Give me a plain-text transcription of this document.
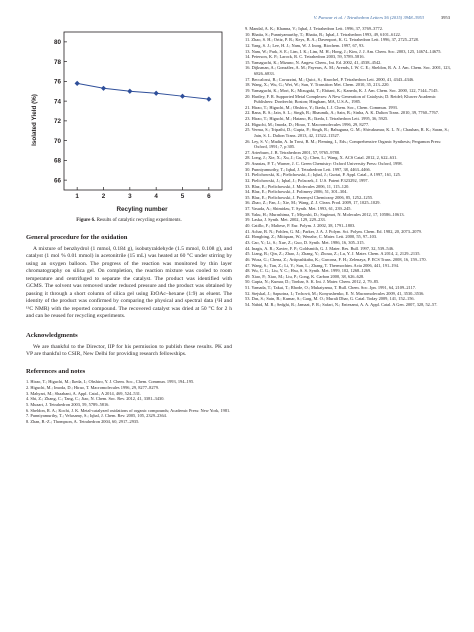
V. Panwar et al. / Tetrahedron Letters 56 (2015) 3948–3953	3953
66
68
70
72
74
76
78
80
1	2	3	4	5	6
Isolated Yield (%)
Recyling number
Figure 6. Results of catalytic recycling experiments.
General procedure for the oxidation

A mixture of benzhydrol (1 mmol, 0.184 g), isobutyraldehyde (1.5 mmol, 0.108 g), and catalyst (1 mol % 0.01 mmol) in acetonitrile (15 mL) was heated at 60 °C under stirring by using an oxygen balloon. The progress of the reaction was monitored by thin layer chromatography on silica gel. On completion, the reaction mixture was cooled to room temperature and centrifuged to separate the catalyst. The product was identified with GCMS. The solvent was removed under reduced pressure and the product was obtained by passing it through a short column of silica gel using EtOAc–hexane (1:9) as eluent. The identity of the product was confirmed by comparing the physical and spectral data (¹H and ¹³C NMR) with the reported compound. The recovered catalyst was dried at 50 °C for 2 h and can be reused for recycling experiments.

Acknowledgments

We are thankful to the Director, IIP for his permission to publish these results. PK and VP are thankful to CSIR, New Delhi for providing research fellowships.

References and notes
1. Hirao, T.; Higuchi, M.; Ikeda, I.; Ohshiro, Y. J. Chem. Soc., Chem. Commun. 1993, 194–195.
2. Higuchi, M.; Imoda, D.; Hirao, T. Macromolecules 1996, 29, 8277–8279.
3. Mahyari, M.; Shaabani, A. Appl. Catal., A 2014, 469, 524–531.
4. Shi, Z.; Zhang, C.; Tang, C.; Jiao, N. Chem. Soc. Rev. 2012, 41, 3381–3430.
5. Muzart, J. Tetrahedron 2003, 59, 5789–5816.
6. Sheldon, R. A.; Kochi, J. K. Metal-catalyzed oxidations of organic compounds; Academic Press: New York, 1981.
7. Punniyamurthy, T.; Velusamy, S.; Iqbal, J. Chem. Rev. 2005, 105, 2329–2364.
8. Zhan, B.-Z.; Thompson, A. Tetrahedron 2004, 60, 2917–2935.
9. Mandal, A. K.; Khanna, V.; Iqbal, J. Tetrahedron Lett. 1996, 37, 3769–3772.
10. Bhatia, S.; Punniyamurthy, T.; Bhatia, B.; Iqbal, J. Tetrahedron 1993, 49, 6101–6122.
11. Zhao, S. H.; Ortiz, P. R.; Keys, B. A.; Davenport, K. G. Tetrahedron Lett. 1996, 37, 2725–2728.
12. Yang, S. J.; Lee, H. J.; Nam, W. J. Inorg. Biochem. 1997, 67, 93.
13. Nam, W.; Park, S. E.; Lim, I. K.; Lim, M. H.; Hong, J.; Kim, J. J. Am. Chem. Soc. 2003, 125, 14674–14675.
14. Peterson, K. P.; Larock, R. C. Tetrahedron 2003, 59, 5789–5816.
15. Yamaguchi, K.; Mizuno, N. Angew. Chem., Int. Ed. 2002, 41, 4538–4542.
16. Dijksman, A.; González, A. M.; Payeras, A. M.; Arends, I. W. C. E.; Sheldon, R. A. J. Am. Chem. Soc. 2001, 123, 6826–6833.
17. Beccalossi, B.; Cavazzini, M.; Quici, S.; Knochel, P. Tetrahedron Lett. 2000, 41, 4343–4346.
18. Wang, X.; Wu, G.; Wei, W.; Sun, Y. Transition Met. Chem. 2010, 35, 213–220.
19. Yamaguchi, K.; Mori, K.; Mizugaki, T.; Ebitani, K.; Kaneda, K. J. Am. Chem. Soc. 2000, 122, 7144–7145.
20. Hartley, F. R. Supported Metal Complexes: A New Generation of Catalysts; D. Reidel; Kluwer Academic Publishers: Dordrecht; Boston; Hingham, MA, U.S.A., 1985.
21. Hirao, T.; Higuchi, M.; Ohshiro, Y.; Ikeda, I. J. Chem. Soc., Chem. Commun. 1993.
22. Rana, B. S.; Jain, S. L.; Singh, B.; Bhaumik, A.; Sain, B.; Sinha, A. K. Dalton Trans. 2010, 39, 7760–7767.
23. Hirao, T.; Higuchi, M.; Hatano, B.; Ikeda, I. Tetrahedron Lett. 1995, 36, 5925.
24. Higuchi, M.; Imoda, D.; Hirao, T. Macromolecules 1996, 29, 8277.
25. Verma, S.; Tripathi, D.; Gupta, P.; Singh, R.; Bahuguna, G. M.; Shivakumar, K. L. N.; Chauhan, R. K.; Saran, S.; Jain, S. L. Dalton Trans. 2013, 42, 11522–11527.
26. Ley, S. V.; Madin, A. In Trost, B. M.; Fleming, I., Eds.; Comprehensive Organic Synthesis; Pergamon Press: Oxford, 1991; 7, p 305.
27. Arterburn, J. B. Tetrahedron 2001, 57, 9765–9788.
28. Long, J.; Xie, X.; Xu, J.; Gu, Q.; Chen, L.; Wang, X. ACS Catal. 2012, 2, 622–631.
29. Anastas, P. T.; Warner, J. C. Green Chemistry: Oxford University Press: Oxford, 1998.
30. Punniyamurthy, T.; Iqbal, J. Tetrahedron Lett. 1997, 38, 4463–4466.
31. Pielichowski, K.; Pielichowski, J.; Iqbal, J.; Gurtat, P. Appl. Catal., A 1997, 161, 125.
32. Pielichowski, J.; Iqbal, J.; Polaczek, J. U.S. Patent P.323292, 1997.
33. Blaz, E.; Pielichowski, J. Molecules 2006, 11, 115–120.
34. Blaz, E.; Pielichowski, J. Polimery 2006, 51, 301–304.
35. Blaz, E.; Pielichowski, J. Przemysl Chemiczny 2006, 85, 1252–1255.
36. Zhao, Z.; Fan, J.; Xie, M.; Wang, Z. J. Clean. Prod. 2009, 17, 1025–1029.
37. Vasuda, A.; Shimidzu, T. Synth. Met. 1993, 61, 239–245.
38. Yaku, H.; Murashima, T.; Miyoshi, D.; Sugimot, N. Molecules 2012, 17, 10586–10613.
39. Laska, J. Synth. Met. 2002, 129, 229–233.
40. Catillo, F.; Maltese, P. Eur. Polym. J. 2002, 38, 1791–1803.
41. Achar, B. N.; Fohlen, G. M.; Parker, J. A. J. Polym. Sci. Polym. Chem. Ed. 1982, 20, 2073–2079.
42. Hongbing, Z.; Miiiquan, W.; Wenzhe, C. Mater. Lett. 2000, 55, 97–103.
43. Cao, Y.; Li, S.; Xue, Z.; Guo, D. Synth. Met. 1986, 16, 305–315.
44. Inagis, A. R.; Xavier, F. P.; Goldsmith, G. J. Mater. Res. Bull. 1997, 32, 539–546.
45. Liang, B.; Qin, Z.; Zhao, J.; Zhang, Y.; Zhoua, Z.; Lu, Y. J. Mater. Chem. A 2014, 2, 2129–2135.
46. Wusa, G.; Chena, Z.; Aritpushkaba, K.; Garcona, F. H.; Zelenaya, P. ECS Trans. 2008, 16, 159–170.
47. Wang, S.; Tan, Z.; Li, Y.; Sun, L.; Zhang, T. Thermochim. Acta 2006, 441, 191–194.
48. Wu, C. G.; Liu, Y. C.; Hsu, S. S. Synth. Met. 1999, 102, 1268–1269.
49. Xiao, P.; Xiao, M.; Liu, P.; Gong, K. Carbon 2000, 38, 626–628.
50. Gupta, N.; Kumar, D.; Tonbar, S. K. Int. J. Mater. Chem. 2012, 2, 79–85.
51. Yamada, T.; Takai, T.; Rhode, O.; Mukaiyama, T. Bull. Chem. Soc. Jpn. 1991, 64, 2109–2117.
52. Stejskal, J.; Sapurina, I.; Trchová, M.; Konyushenko, E. N. Macromolecules 2009, 41, 3530–3536.
53. Das, S.; Sain, B.; Kumar, S.; Garg, M. O.; Murali Dhar, G. Catal. Today 2009, 141, 152–156.
54. Nabid, M. R.; Sedghi, R.; Jamaat, P. R.; Safari, N.; Entezami, A. A. Appl. Catal. A Gen. 2007, 328, 52–57.
